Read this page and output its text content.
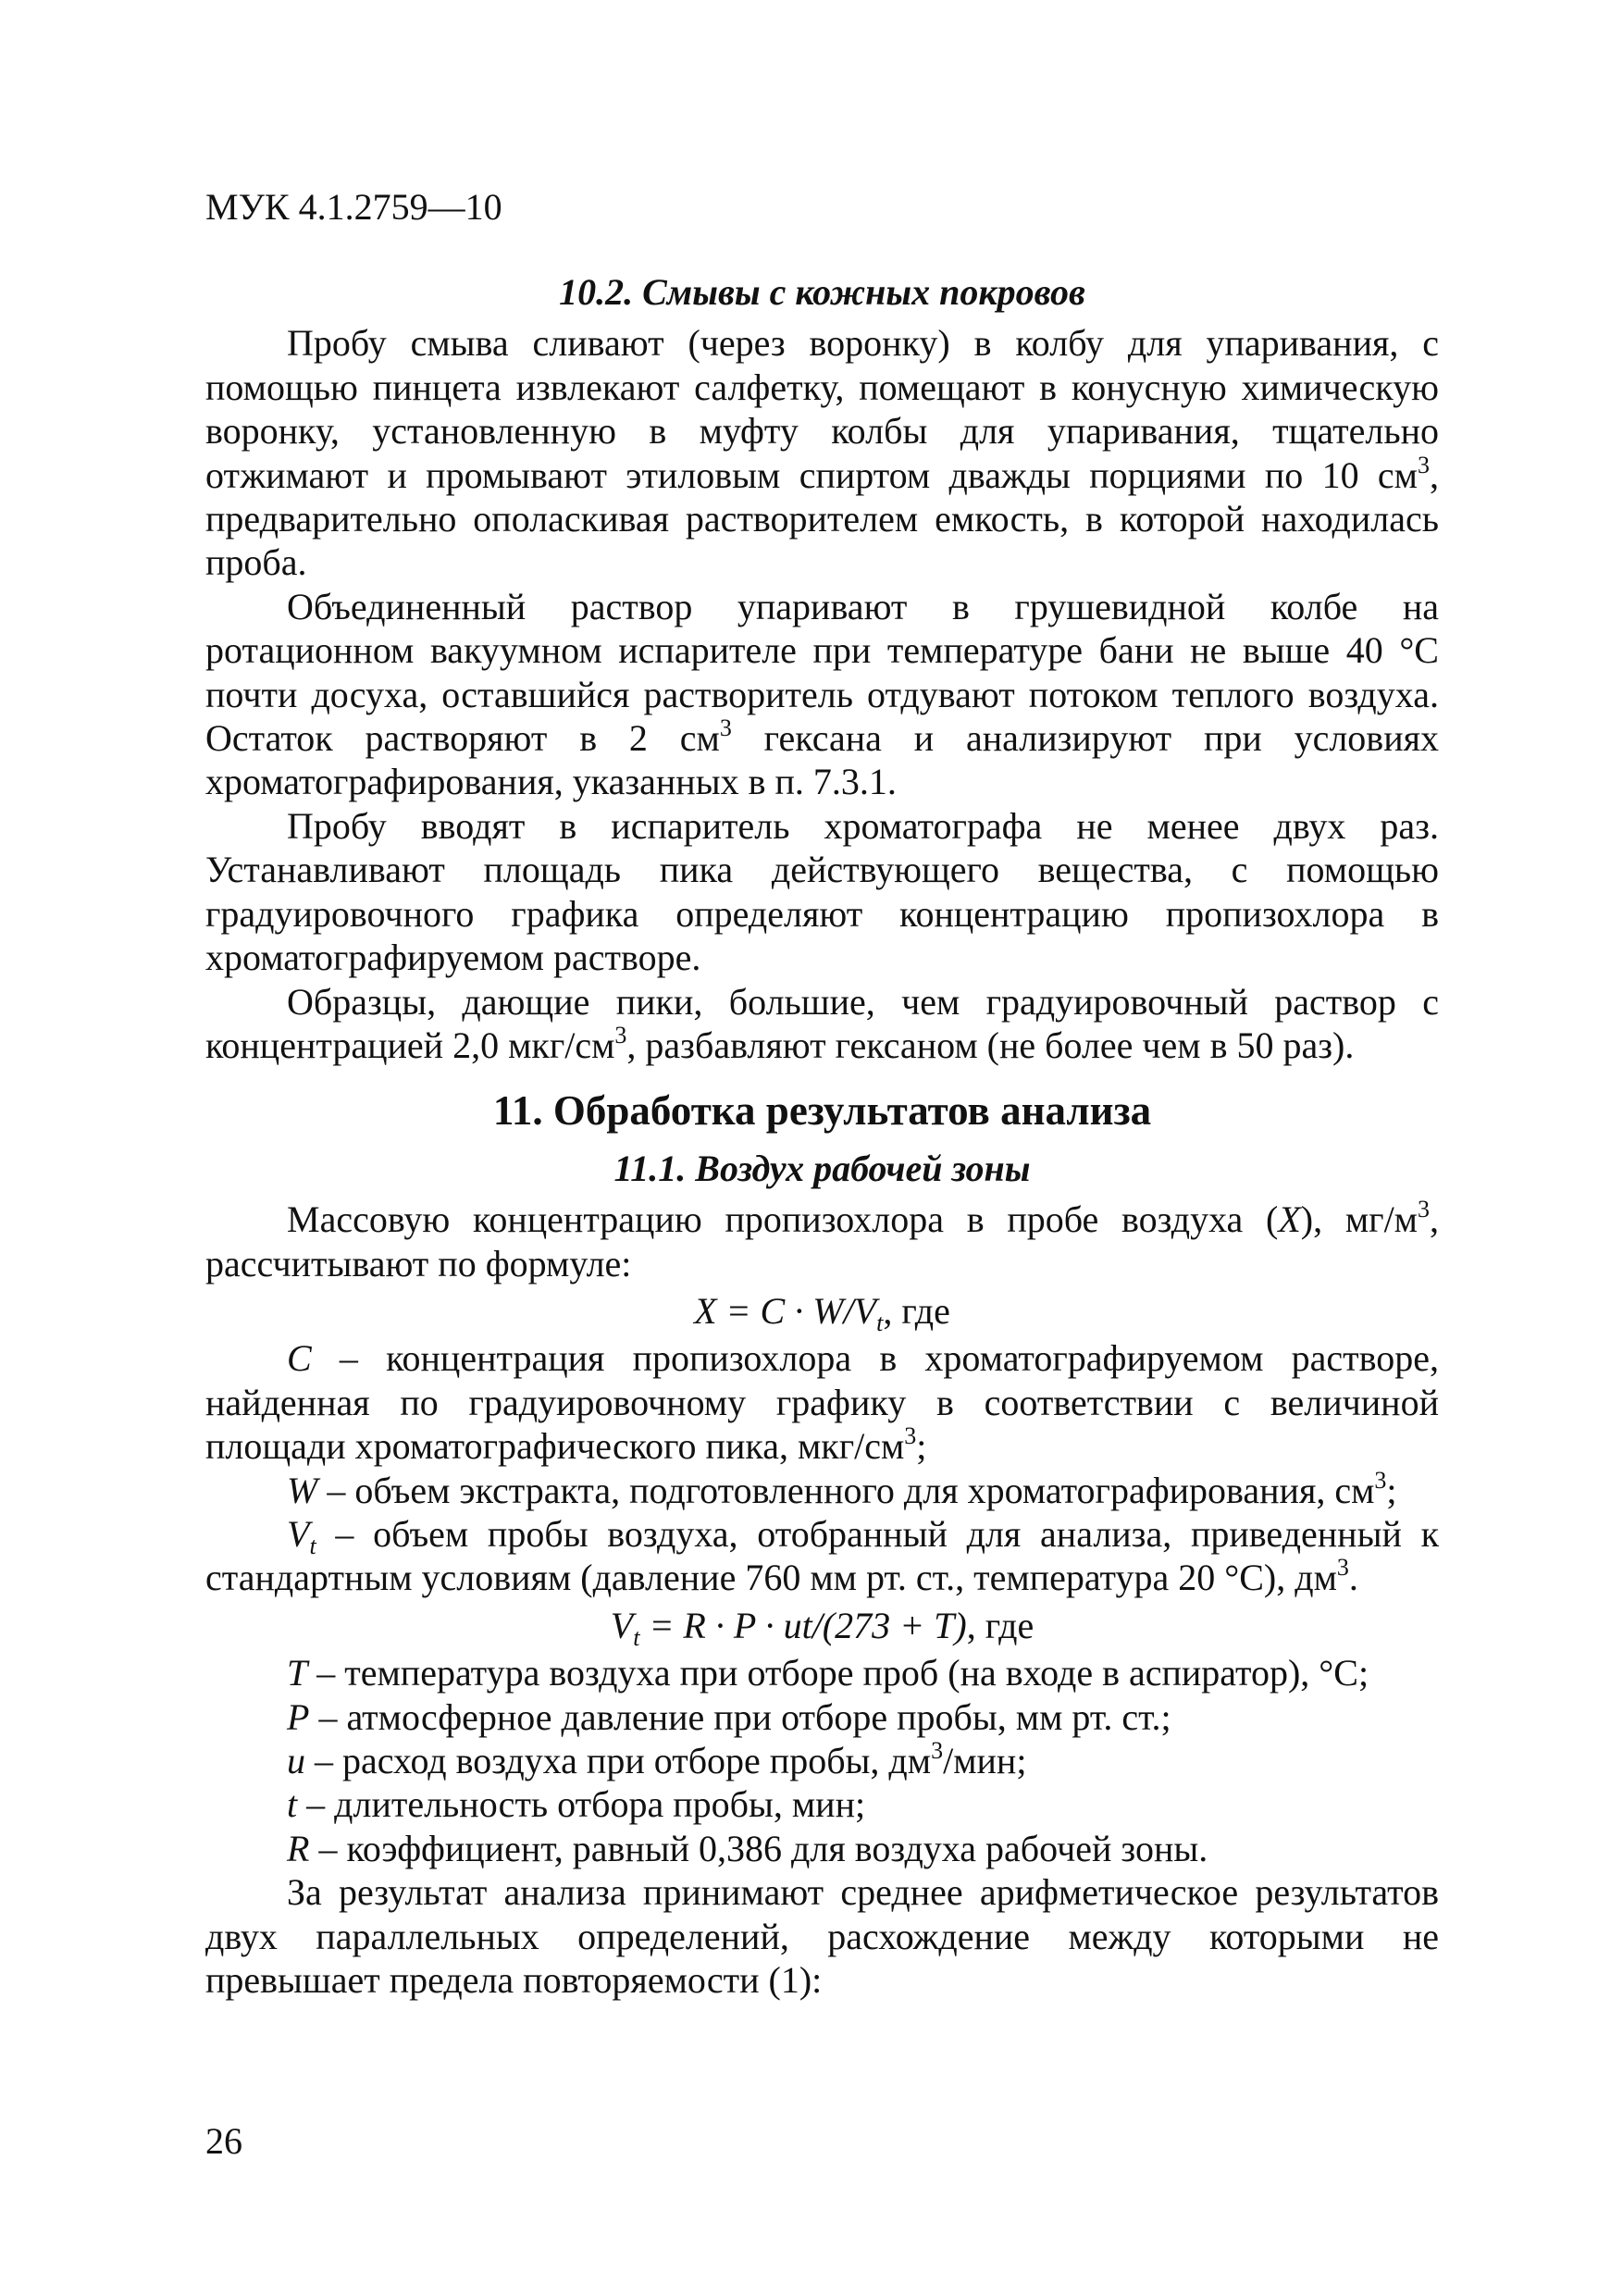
МУК 4.1.2759—10
10.2. Смывы с кожных покровов

Пробу смыва сливают (через воронку) в колбу для упаривания, с помощью пинцета извлекают салфетку, помещают в конусную химическую воронку, установленную в муфту колбы для упаривания, тщательно отжимают и промывают этиловым спиртом дважды порциями по 10 $см^3$, предварительно ополаскивая растворителем емкость, в которой находилась проба.

Объединенный раствор упаривают в грушевидной колбе на ротационном вакуумном испарителе при температуре бани не выше 40 °С почти досуха, оставшийся растворитель отдувают потоком теплого воздуха. Остаток растворяют в 2 $см^3$ гексана и анализируют при условиях хроматографирования, указанных в п. 7.3.1.

Пробу вводят в испаритель хроматографа не менее двух раз. Устанавливают площадь пика действующего вещества, с помощью градуировочного графика определяют концентрацию пропизохлора в хроматографируемом растворе.

Образцы, дающие пики, большие, чем градуировочный раствор с концентрацией 2,0 мкг/$см^3$, разбавляют гексаном (не более чем в 50 раз).

11. Обработка результатов анализа
11.1. Воздух рабочей зоны

Массовую концентрацию пропизохлора в пробе воздуха (X), $мг/м^3$, рассчитывают по формуле:

$X = C \cdot W/V_t$, где

C – концентрация пропизохлора в хроматографируемом растворе, найденная по градуировочному графику в соответствии с величиной площади хроматографического пика, мкг/$см^3$;

W – объем экстракта, подготовленного для хроматографирования, $см^3$;

$V_t$ – объем пробы воздуха, отобранный для анализа, приведенный к стандартным условиям (давление 760 мм рт. ст., температура 20 °С), $дм^3$.

$V_t = R \cdot P \cdot ut/(273 + T)$, где

T – температура воздуха при отборе проб (на входе в аспиратор), °С;

P – атмосферное давление при отборе пробы, мм рт. ст.;

u – расход воздуха при отборе пробы, $дм^3$/мин;

t – длительность отбора пробы, мин;

R – коэффициент, равный 0,386 для воздуха рабочей зоны.

За результат анализа принимают среднее арифметическое результатов двух параллельных определений, расхождение между которыми не превышает предела повторяемости (1):

26
